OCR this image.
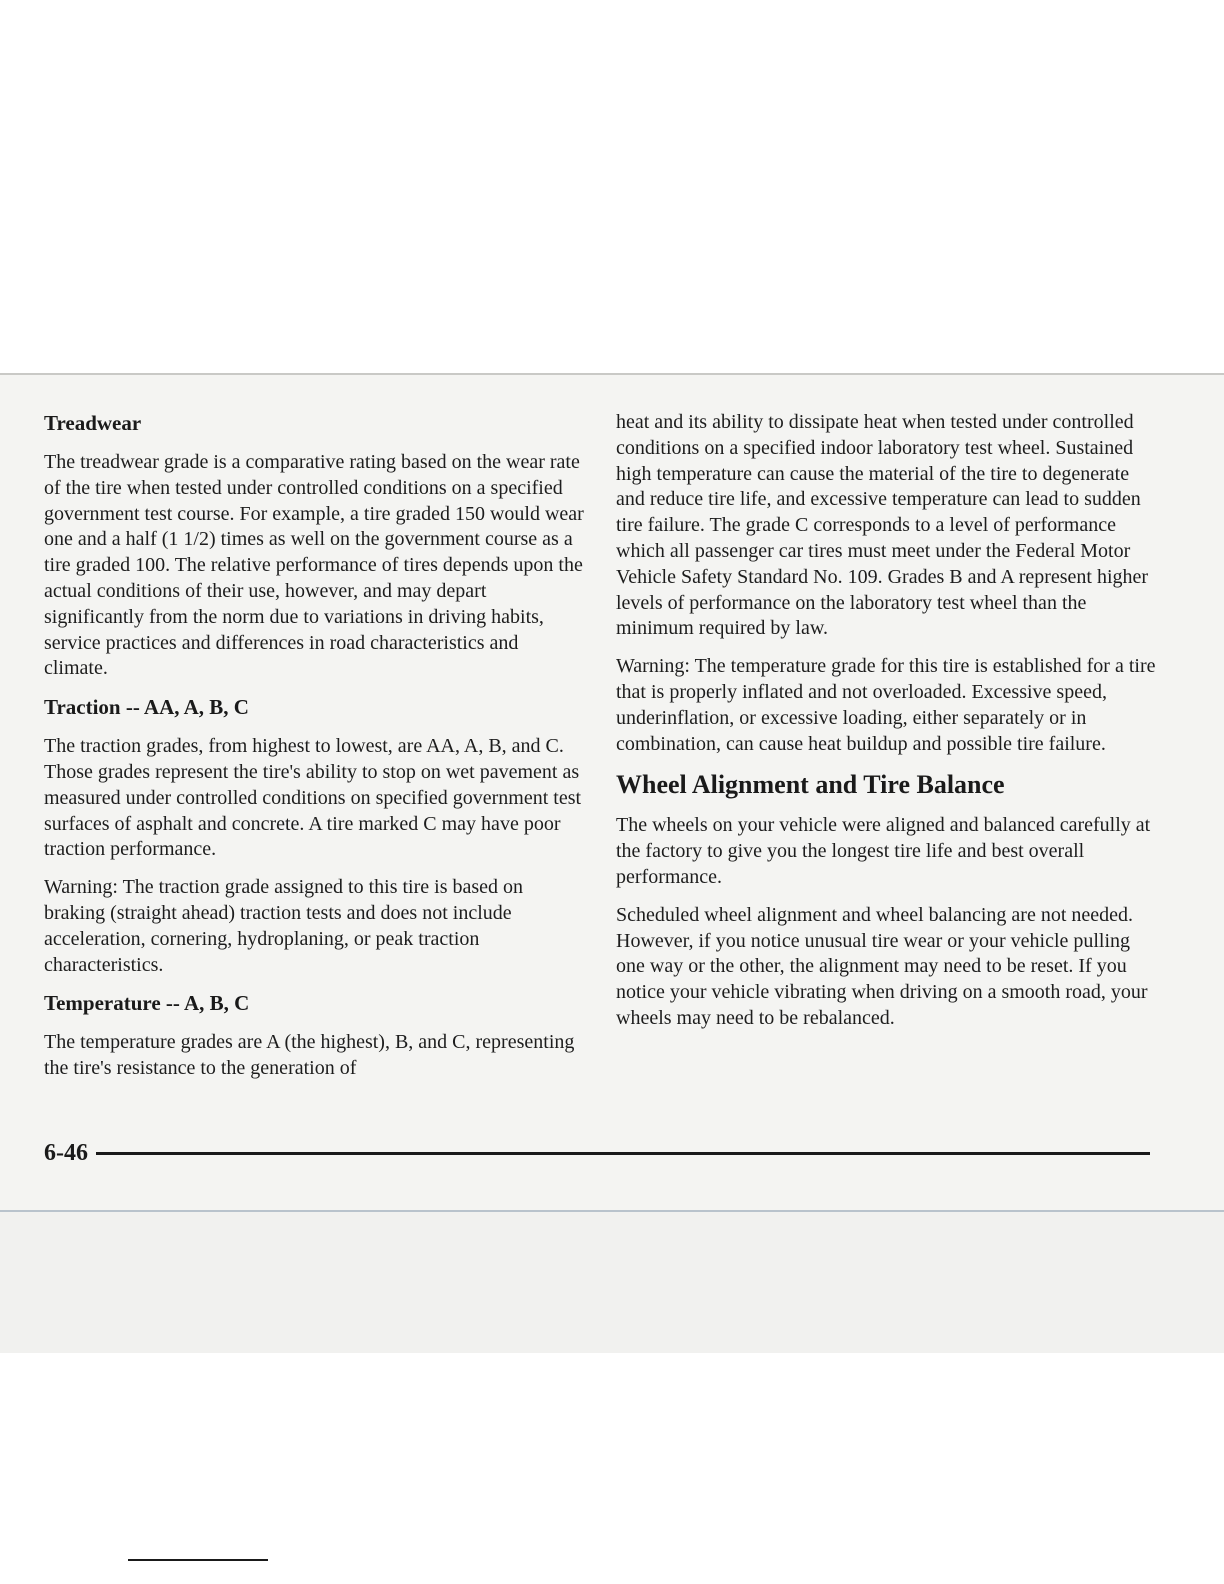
Treadwear

The treadwear grade is a comparative rating based on the wear rate of the tire when tested under controlled conditions on a specified government test course. For example, a tire graded 150 would wear one and a half (1 1/2) times as well on the government course as a tire graded 100. The relative performance of tires depends upon the actual conditions of their use, however, and may depart significantly from the norm due to variations in driving habits, service practices and differences in road characteristics and climate.

Traction -- AA, A, B, C

The traction grades, from highest to lowest, are AA, A, B, and C. Those grades represent the tire's ability to stop on wet pavement as measured under controlled conditions on specified government test surfaces of asphalt and concrete. A tire marked C may have poor traction performance.

Warning: The traction grade assigned to this tire is based on braking (straight ahead) traction tests and does not include acceleration, cornering, hydroplaning, or peak traction characteristics.

Temperature -- A, B, C

The temperature grades are A (the highest), B, and C, representing the tire's resistance to the generation of

heat and its ability to dissipate heat when tested under controlled conditions on a specified indoor laboratory test wheel. Sustained high temperature can cause the material of the tire to degenerate and reduce tire life, and excessive temperature can lead to sudden tire failure. The grade C corresponds to a level of performance which all passenger car tires must meet under the Federal Motor Vehicle Safety Standard No. 109. Grades B and A represent higher levels of performance on the laboratory test wheel than the minimum required by law.

Warning: The temperature grade for this tire is established for a tire that is properly inflated and not overloaded. Excessive speed, underinflation, or excessive loading, either separately or in combination, can cause heat buildup and possible tire failure.

Wheel Alignment and Tire Balance

The wheels on your vehicle were aligned and balanced carefully at the factory to give you the longest tire life and best overall performance.

Scheduled wheel alignment and wheel balancing are not needed. However, if you notice unusual tire wear or your vehicle pulling one way or the other, the alignment may need to be reset. If you notice your vehicle vibrating when driving on a smooth road, your wheels may need to be rebalanced.

6-46
